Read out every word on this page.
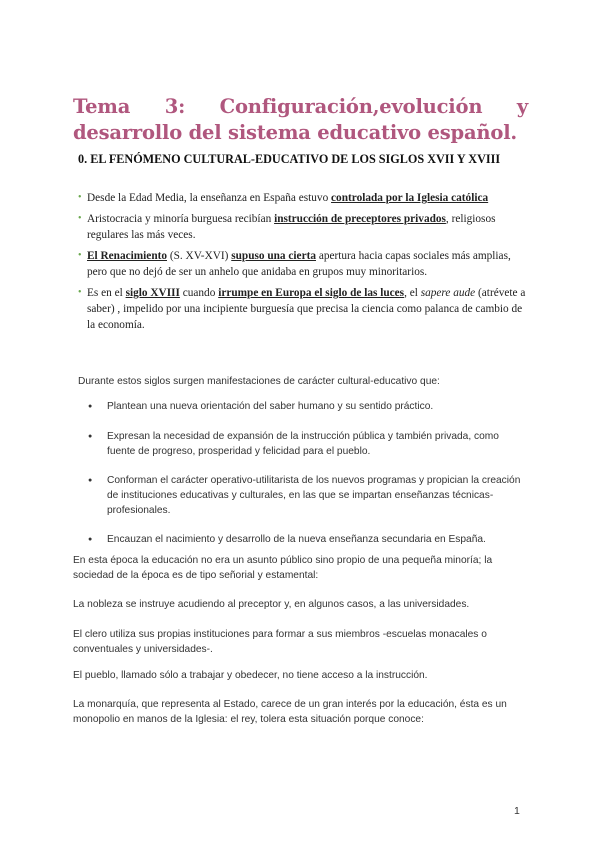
Tema 3: Configuración,evolución y desarrollo del sistema educativo español.
0. EL FENÓMENO CULTURAL-EDUCATIVO DE LOS SIGLOS XVII Y XVIII
• Desde la Edad Media, la enseñanza en España estuvo controlada por la Iglesia católica
• Aristocracia y minoría burguesa recibían instrucción de preceptores privados, religiosos regulares las más veces.
• El Renacimiento (S. XV-XVI) supuso una cierta apertura hacia capas sociales más amplias, pero que no dejó de ser un anhelo que anidaba en grupos muy minoritarios.
• Es en el siglo XVIII cuando irrumpe en Europa el siglo de las luces, el sapere aude (atrévete a saber) , impelido por una incipiente burguesía que precisa la ciencia como palanca de cambio de la economía.

Durante estos siglos surgen manifestaciones de carácter cultural-educativo que:

● Plantean una nueva orientación del saber humano y su sentido práctico.
● Expresan la necesidad de expansión de la instrucción pública y también privada, como fuente de progreso, prosperidad y felicidad para el pueblo.
● Conforman el carácter operativo-utilitarista de los nuevos programas y propician la creación de instituciones educativas y culturales, en las que se impartan enseñanzas técnicas-profesionales.
● Encauzan el nacimiento y desarrollo de la nueva enseñanza secundaria en España.

En esta época la educación no era un asunto público sino propio de una pequeña minoría; la sociedad de la época es de tipo señorial y estamental:

La nobleza se instruye acudiendo al preceptor y, en algunos casos, a las universidades.

El clero utiliza sus propias instituciones para formar a sus miembros -escuelas monacales o conventuales y universidades-.

El pueblo, llamado sólo a trabajar y obedecer, no tiene acceso a la instrucción.

La monarquía, que representa al Estado, carece de un gran interés por la educación, ésta es un monopolio en manos de la Iglesia: el rey, tolera esta situación porque conoce:

1
